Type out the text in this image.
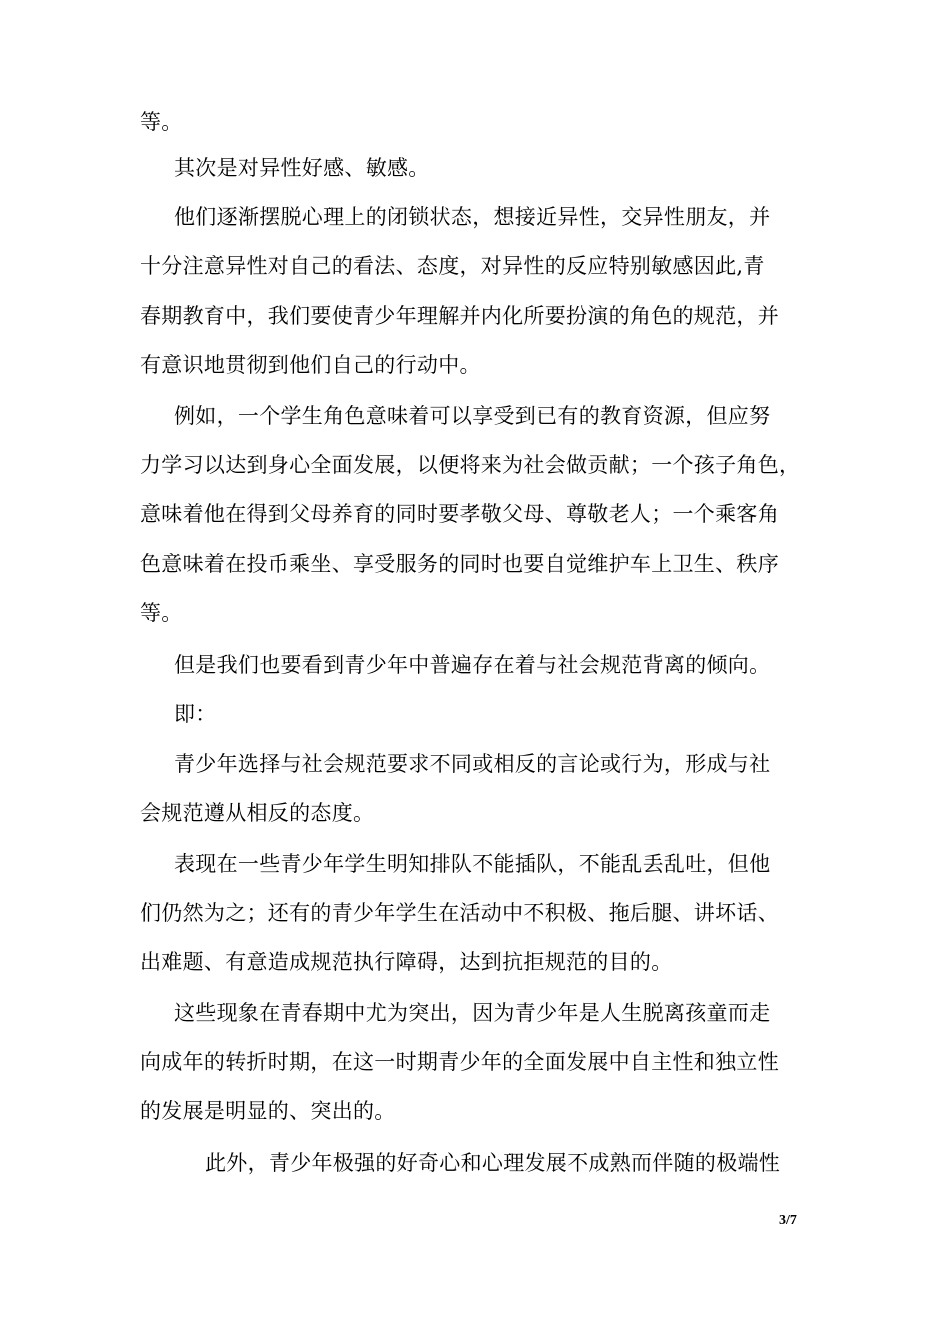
等。
其次是对异性好感、敏感。
他们逐渐摆脱心理上的闭锁状态，想接近异性，交异性朋友，并
十分注意异性对自己的看法、态度，对异性的反应特别敏感因此,青
春期教育中，我们要使青少年理解并内化所要扮演的角色的规范，并
有意识地贯彻到他们自己的行动中。
例如，一个学生角色意味着可以享受到已有的教育资源，但应努
力学习以达到身心全面发展，以便将来为社会做贡献；一个孩子角色，
意味着他在得到父母养育的同时要孝敬父母、尊敬老人；一个乘客角
色意味着在投币乘坐、享受服务的同时也要自觉维护车上卫生、秩序
等。
但是我们也要看到青少年中普遍存在着与社会规范背离的倾向。
即：
青少年选择与社会规范要求不同或相反的言论或行为，形成与社
会规范遵从相反的态度。
表现在一些青少年学生明知排队不能插队，不能乱丢乱吐，但他
们仍然为之；还有的青少年学生在活动中不积极、拖后腿、讲坏话、
出难题、有意造成规范执行障碍，达到抗拒规范的目的。
这些现象在青春期中尤为突出，因为青少年是人生脱离孩童而走
向成年的转折时期，在这一时期青少年的全面发展中自主性和独立性
的发展是明显的、突出的。
此外，青少年极强的好奇心和心理发展不成熟而伴随的极端性
3/7
